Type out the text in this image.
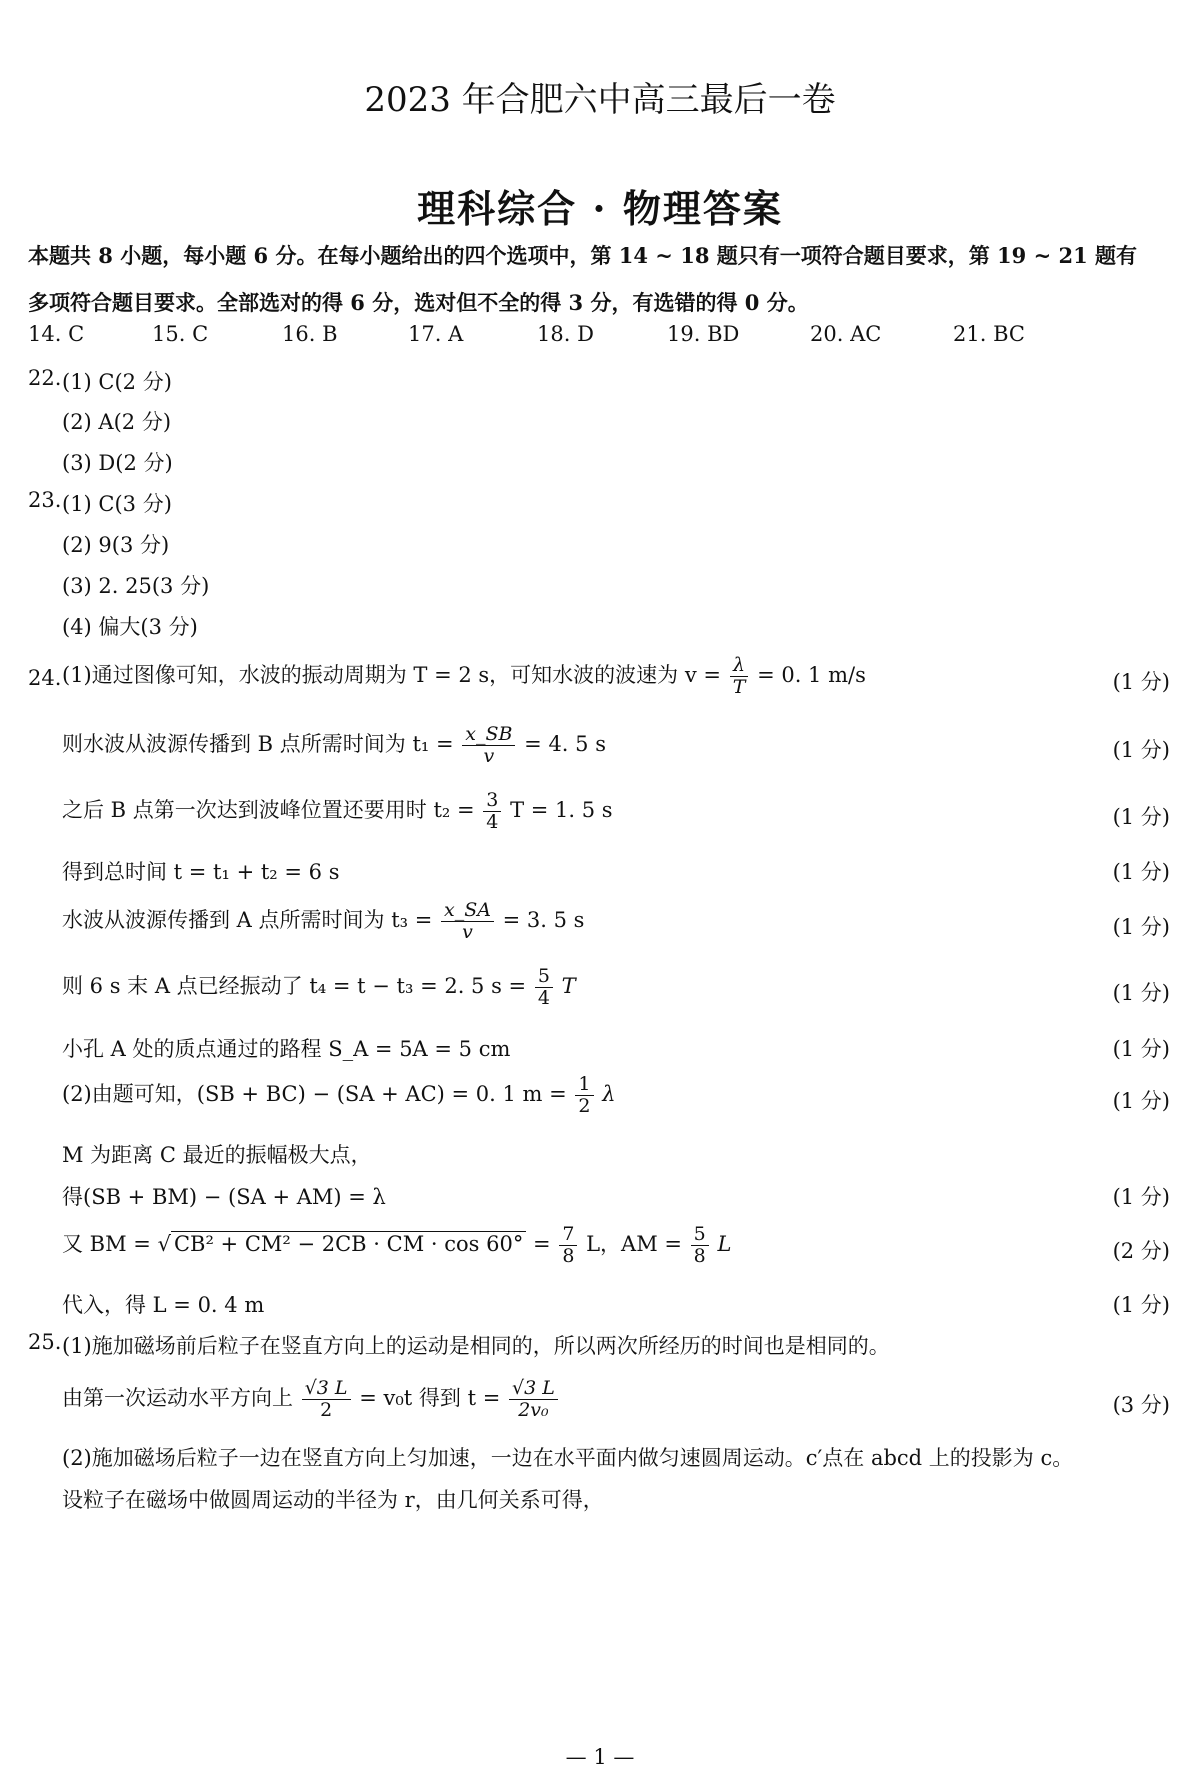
2023 年合肥六中高三最后一卷
理科综合 · 物理答案
本题共 8 小题，每小题 6 分。在每小题给出的四个选项中，第 14 ~ 18 题只有一项符合题目要求，第 19 ~ 21 题有
多项符合题目要求。全部选对的得 6 分，选对但不全的得 3 分，有选错的得 0 分。
14. C	15. C	16. B	17. A	18. D	19. BD	20. AC	21. BC
22. (1) C(2 分)
(2) A(2 分)
(3) D(2 分)
23. (1) C(3 分)
(2) 9(3 分)
(3) 2. 25(3 分)
(4) 偏大(3 分)
24. (1)通过图像可知，水波的振动周期为 T = 2 s，可知水波的波速为 $v = \frac{\lambda}{T} = 0$. 1 m/s	(1 分)
则水波从波源传播到 B 点所需时间为 $t_1 = \frac{x\_SB}{v} = 4$. 5 s	(1 分)
之后 B 点第一次达到波峰位置还要用时 $t_2 = \frac{3}{4}$ T = 1. 5 s	(1 分)
得到总时间 t = t₁ + t₂ = 6 s	(1 分)
水波从波源传播到 A 点所需时间为 $t_3 = \frac{x\_SA}{v} = 3$. 5 s	(1 分)
则 6 s 末 A 点已经振动了 t₄ = t − t₃ = 2. 5 $s = \frac{5}{4}$ T	(1 分)
小孔 A 处的质点通过的路程 S_A = 5A = 5 cm	(1 分)
(2)由题可知，(SB + BC) − (SA + AC) = 0. 1 $m = \frac{1}{2}$ λ	(1 分)
M 为距离 C 最近的振幅极大点，
得(SB + BM) − (SA + AM) = λ	(1 分)
又 BM = √ CB² + CM² − 2CB · CM · $\cos 60^\circ = \frac{7}{8}$ L，AM = $\frac{5}{8}$ L	(2 分)
代入，得 L = 0. 4 m	(1 分)
25. (1)施加磁场前后粒子在竖直方向上的运动是相同的，所以两次所经历的时间也是相同的。
由第一次运动水平方向上 $\frac{√3 L}{2} = v_0t$ 得到 $t = \frac{√3 L}{\text{2v₀}}$	(3 分)
(2)施加磁场后粒子一边在竖直方向上匀加速，一边在水平面内做匀速圆周运动。c′点在 abcd 上的投影为 c。
设粒子在磁场中做圆周运动的半径为 r，由几何关系可得，
— 1 —
